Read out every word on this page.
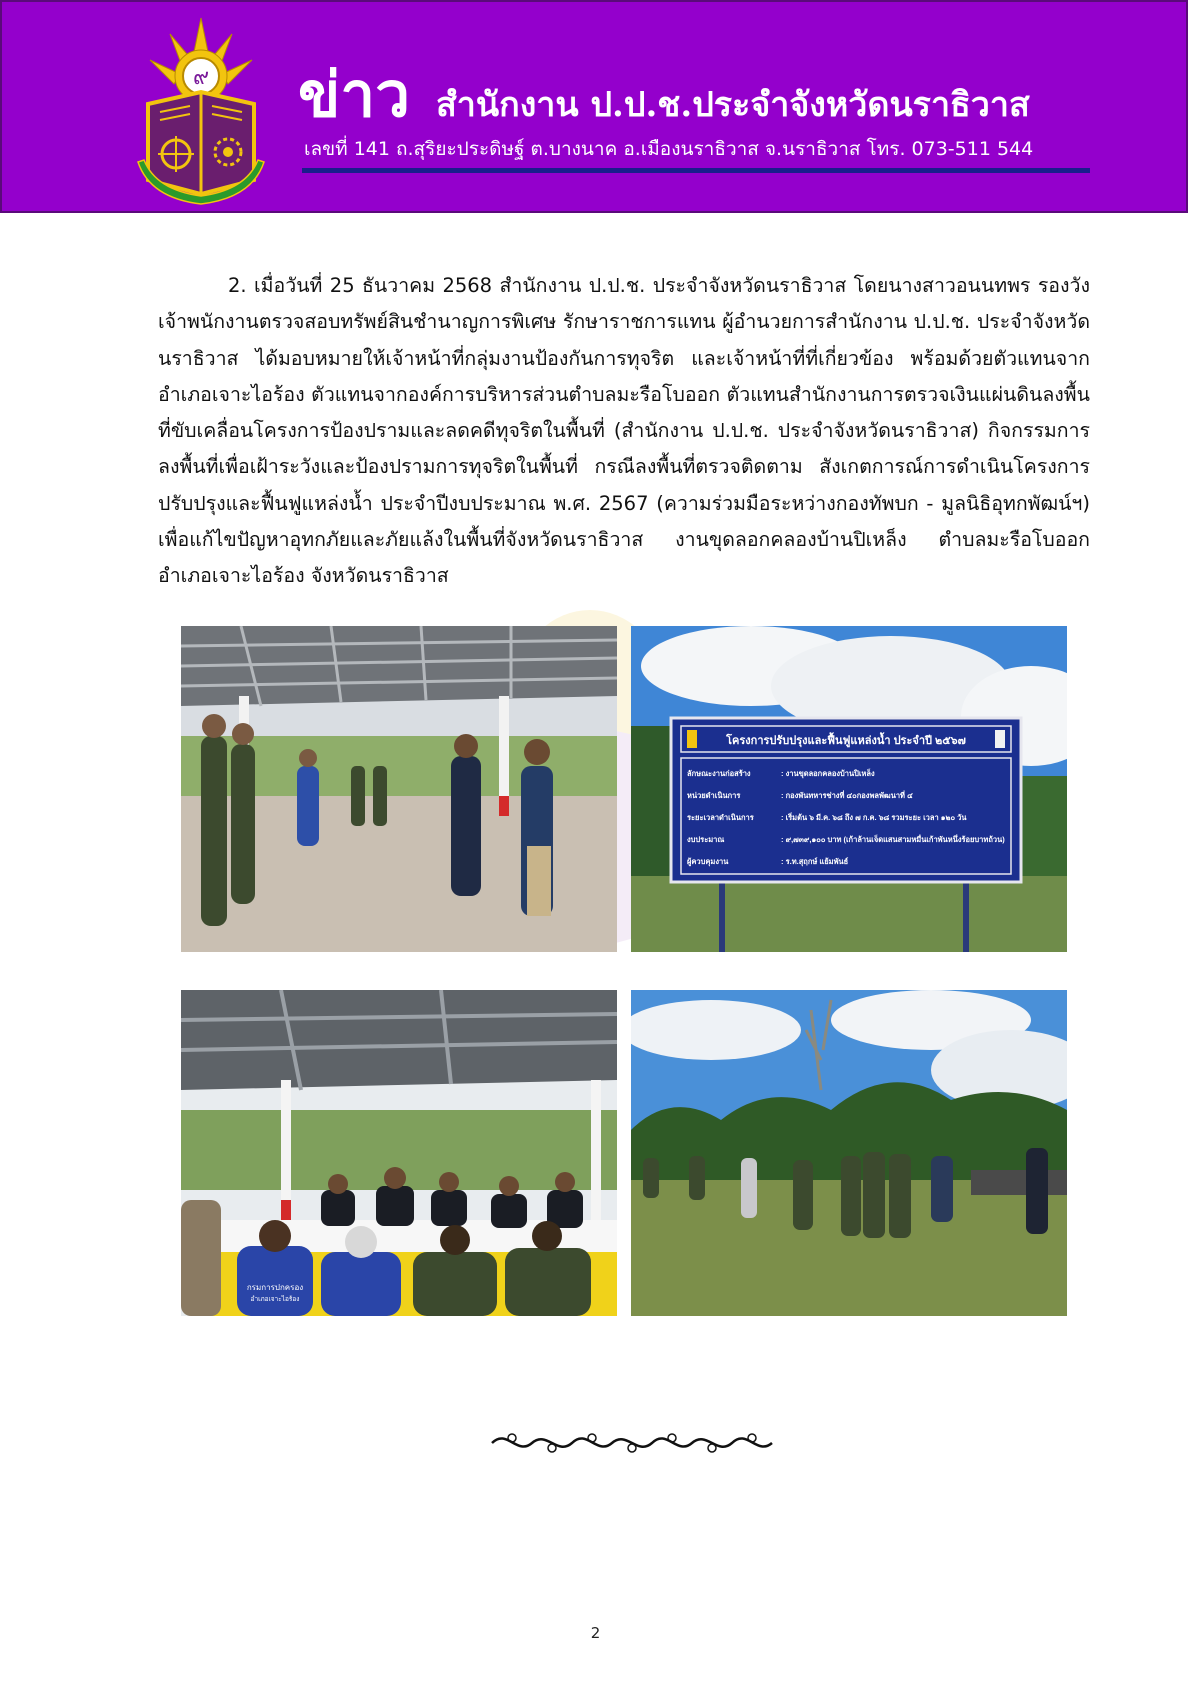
๙ ข่าว สำนักงาน ป.ป.ช.ประจำจังหวัดนราธิวาส
เลขที่ 141 ถ.สุริยะประดิษฐ์ ต.บางนาค อ.เมืองนราธิวาส จ.นราธิวาส โทร. 073-511 544

2. เมื่อวันที่ 25 ธันวาคม 2568 สำนักงาน ป.ป.ช. ประจำจังหวัดนราธิวาส โดยนางสาวอนนทพร รองวังเจ้าพนักงานตรวจสอบทรัพย์สินชำนาญการพิเศษ รักษาราชการแทน ผู้อำนวยการสำนักงาน ป.ป.ช. ประจำจังหวัดนราธิวาส ได้มอบหมายให้เจ้าหน้าที่กลุ่มงานป้องกันการทุจริต และเจ้าหน้าที่ที่เกี่ยวข้อง พร้อมด้วยตัวแทนจากอำเภอเจาะไอร้อง ตัวแทนจากองค์การบริหารส่วนตำบลมะรือโบออก ตัวแทนสำนักงานการตรวจเงินแผ่นดินลงพื้นที่ขับเคลื่อนโครงการป้องปรามและลดคดีทุจริตในพื้นที่ (สำนักงาน ป.ป.ช. ประจำจังหวัดนราธิวาส) กิจกรรมการลงพื้นที่เพื่อเฝ้าระวังและป้องปรามการทุจริตในพื้นที่ กรณีลงพื้นที่ตรวจติดตาม สังเกตการณ์การดำเนินโครงการปรับปรุงและฟื้นฟูแหล่งน้ำ ประจำปีงบประมาณ พ.ศ. 2567 (ความร่วมมือระหว่างกองทัพบก - มูลนิธิอุทกพัฒน์ฯ) เพื่อแก้ไขปัญหาอุทกภัยและภัยแล้งในพื้นที่จังหวัดนราธิวาส งานขุดลอกคลองบ้านปิเหล็ง ตำบลมะรือโบออก อำเภอเจาะไอร้อง จังหวัดนราธิวาส

โครงการปรับปรุงและฟื้นฟูแหล่งน้ำ ประจำปี ๒๕๖๗
ลักษณะงานก่อสร้าง	: งานขุดลอกคลองบ้านปิเหล็ง
หน่วยดำเนินการ	: กองพันทหารช่างที่ ๔๐กองพลพัฒนาที่ ๔
ระยะเวลาดำเนินการ	: เริ่มต้น ๖ มี.ค. ๖๘ ถึง ๗ ก.ค. ๖๘ รวมระยะ เวลา ๑๒๐ วัน
งบประมาณ	: ๙,๗๓๙,๑๐๐ บาท (เก้าล้านเจ็ดแสนสามหมื่นเก้าพันหนึ่งร้อยบาทถ้วน)
ผู้ควบคุมงาน	: ร.ท.สุฤกษ์ แย้มพันธ์
กรมการปกครอง
อำเภอเจาะไอร้อง
2
